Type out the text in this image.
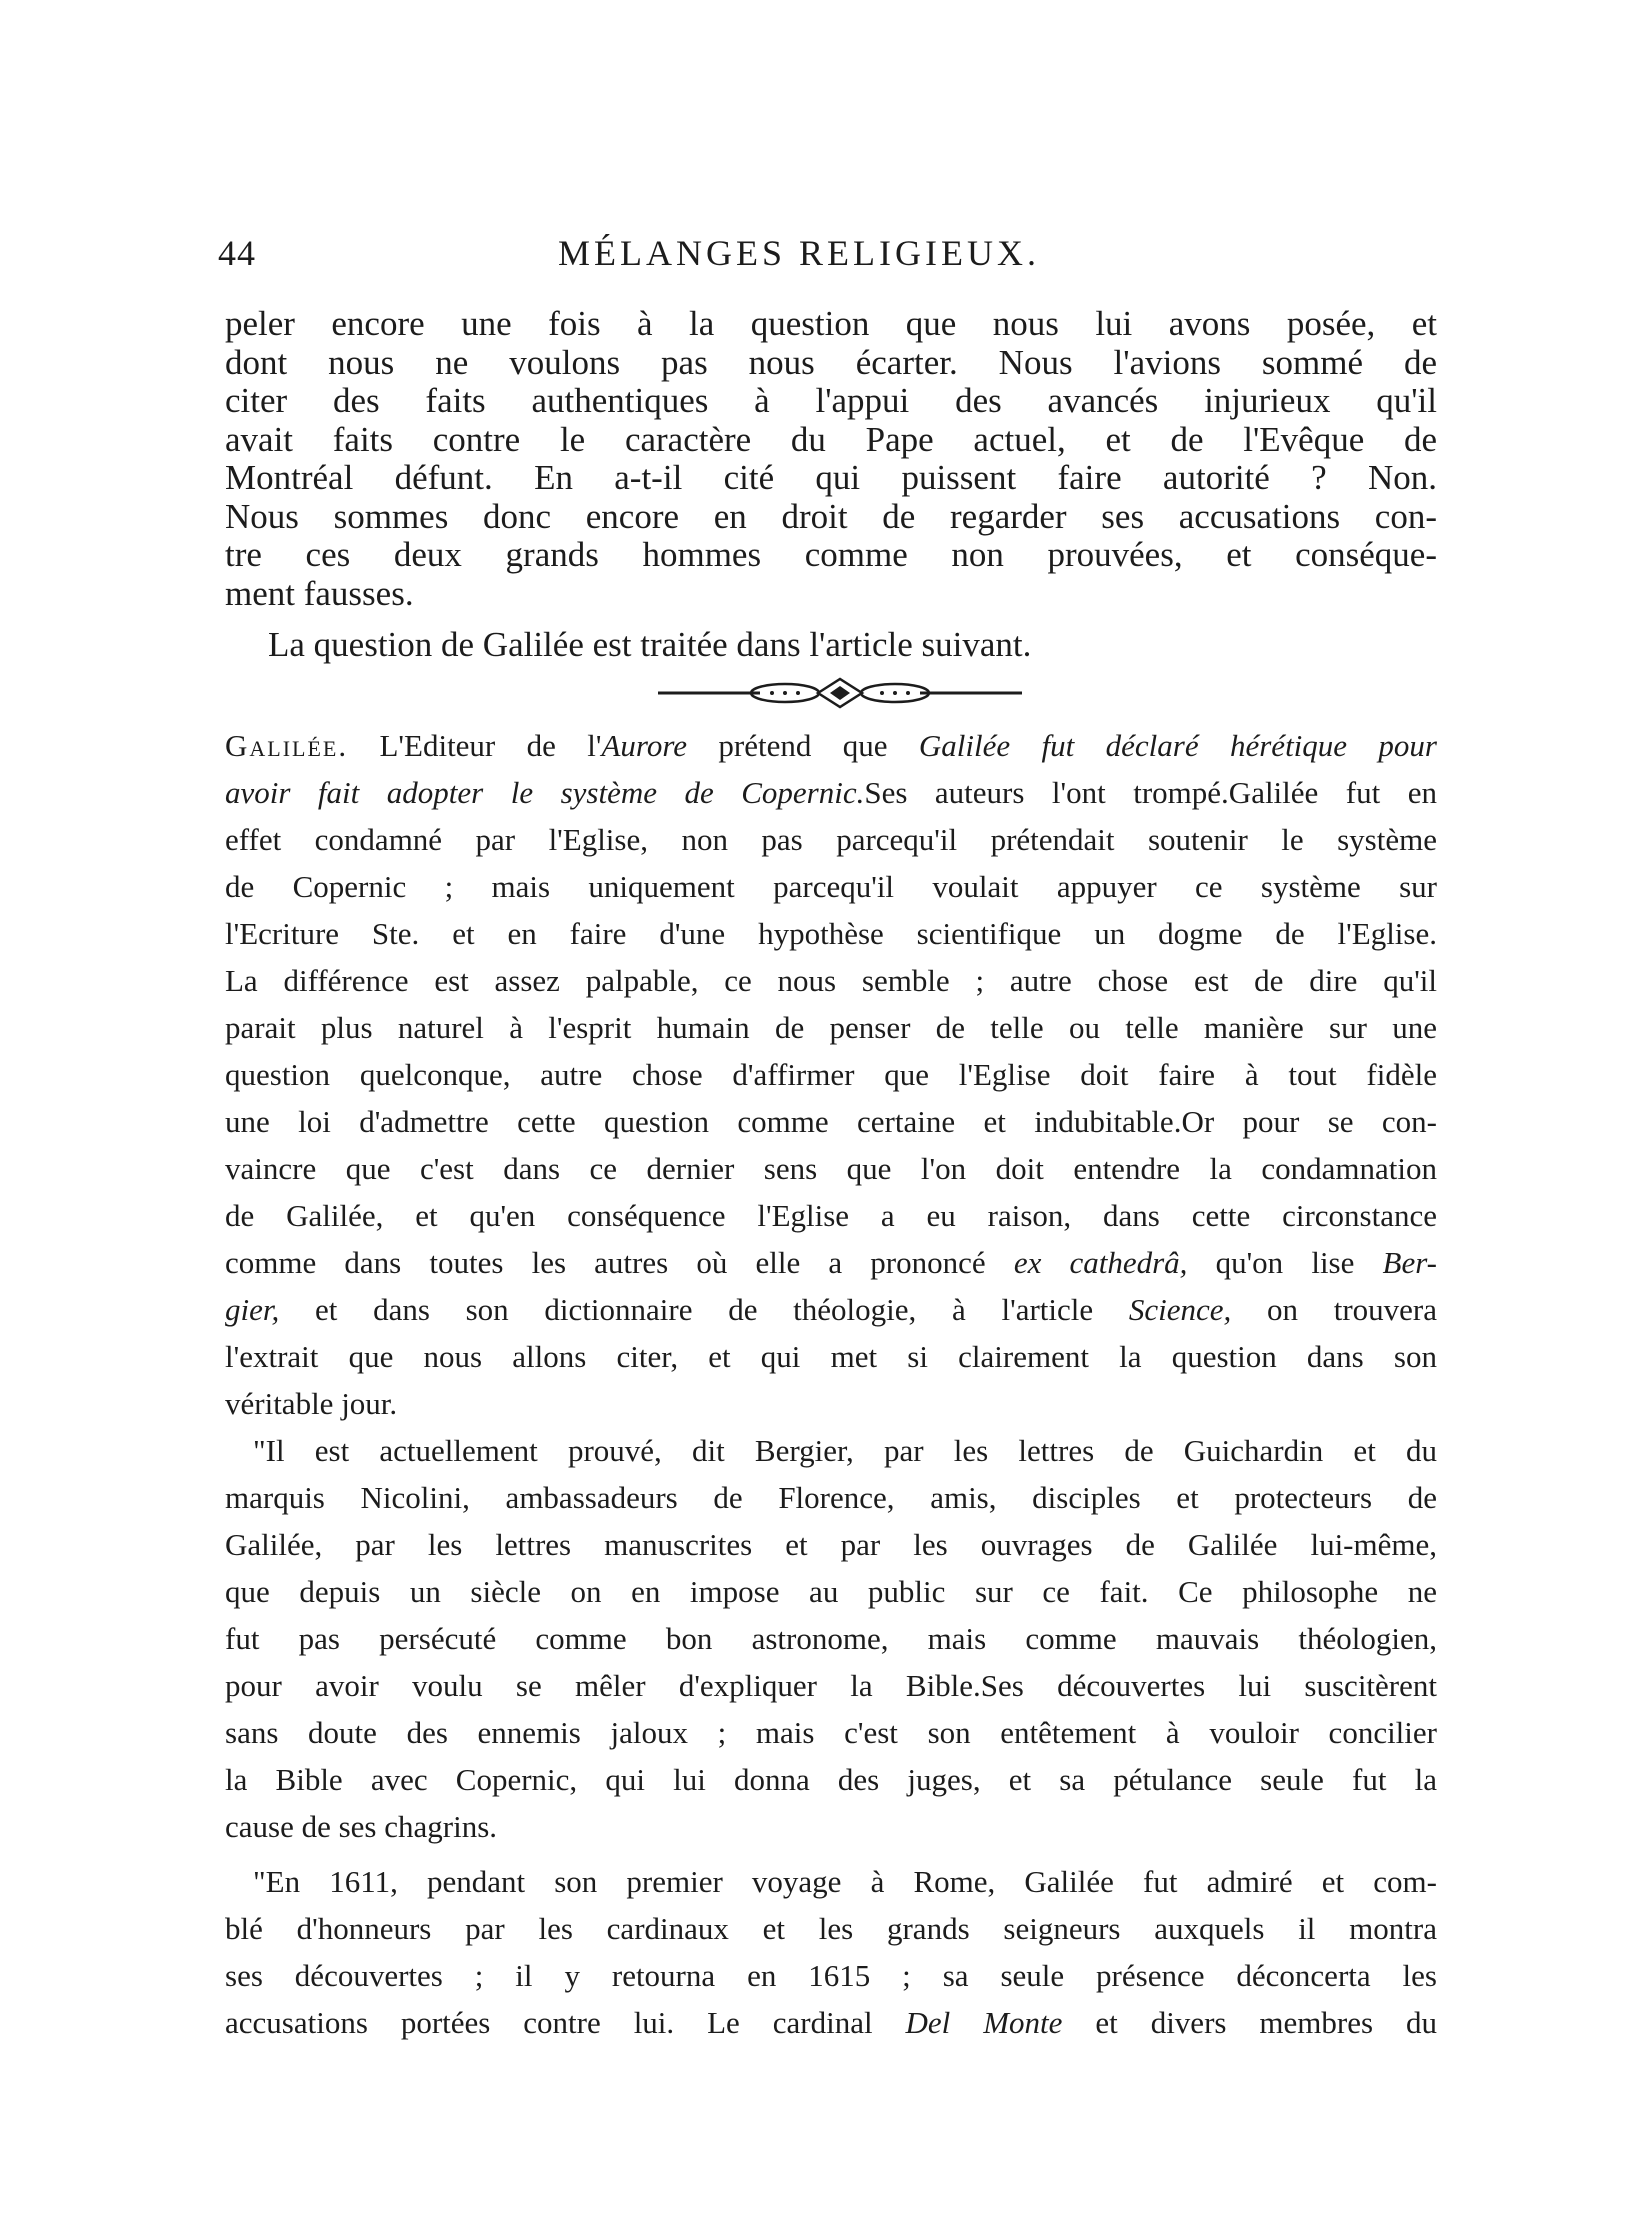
44	MÉLANGES RELIGIEUX.
peler encore une fois à la question que nous lui avons posée, et
dont nous ne voulons pas nous écarter. Nous l'avions sommé de
citer des faits authentiques à l'appui des avancés injurieux qu'il
avait faits contre le caractère du Pape actuel, et de l'Evêque de
Montréal défunt. En a-t-il cité qui puissent faire autorité ? Non.
Nous sommes donc encore en droit de regarder ses accusations con-
tre ces deux grands hommes comme non prouvées, et conséque-
ment fausses.
La question de Galilée est traitée dans l'article suivant.
Galilée. L'Editeur de l'Aurore prétend que Galilée fut déclaré hérétique pour
avoir fait adopter le système de Copernic.Ses auteurs l'ont trompé.Galilée fut en
effet condamné par l'Eglise, non pas parcequ'il prétendait soutenir le système
de Copernic ; mais uniquement parcequ'il voulait appuyer ce système sur
l'Ecriture Ste. et en faire d'une hypothèse scientifique un dogme de l'Eglise.
La différence est assez palpable, ce nous semble ; autre chose est de dire qu'il
parait plus naturel à l'esprit humain de penser de telle ou telle manière sur une
question quelconque, autre chose d'affirmer que l'Eglise doit faire à tout fidèle
une loi d'admettre cette question comme certaine et indubitable.Or pour se con-
vaincre que c'est dans ce dernier sens que l'on doit entendre la condamnation
de Galilée, et qu'en conséquence l'Eglise a eu raison, dans cette circonstance
comme dans toutes les autres où elle a prononcé ex cathedrâ, qu'on lise Ber-
gier, et dans son dictionnaire de théologie, à l'article Science, on trouvera
l'extrait que nous allons citer, et qui met si clairement la question dans son
véritable jour.
"Il est actuellement prouvé, dit Bergier, par les lettres de Guichardin et du
marquis Nicolini, ambassadeurs de Florence, amis, disciples et protecteurs de
Galilée, par les lettres manuscrites et par les ouvrages de Galilée lui-même,
que depuis un siècle on en impose au public sur ce fait. Ce philosophe ne
fut pas persécuté comme bon astronome, mais comme mauvais théologien,
pour avoir voulu se mêler d'expliquer la Bible.Ses découvertes lui suscitèrent
sans doute des ennemis jaloux ; mais c'est son entêtement à vouloir concilier
la Bible avec Copernic, qui lui donna des juges, et sa pétulance seule fut la
cause de ses chagrins.
"En 1611, pendant son premier voyage à Rome, Galilée fut admiré et com-
blé d'honneurs par les cardinaux et les grands seigneurs auxquels il montra
ses découvertes ; il y retourna en 1615 ; sa seule présence déconcerta les
accusations portées contre lui. Le cardinal Del Monte et divers membres du
